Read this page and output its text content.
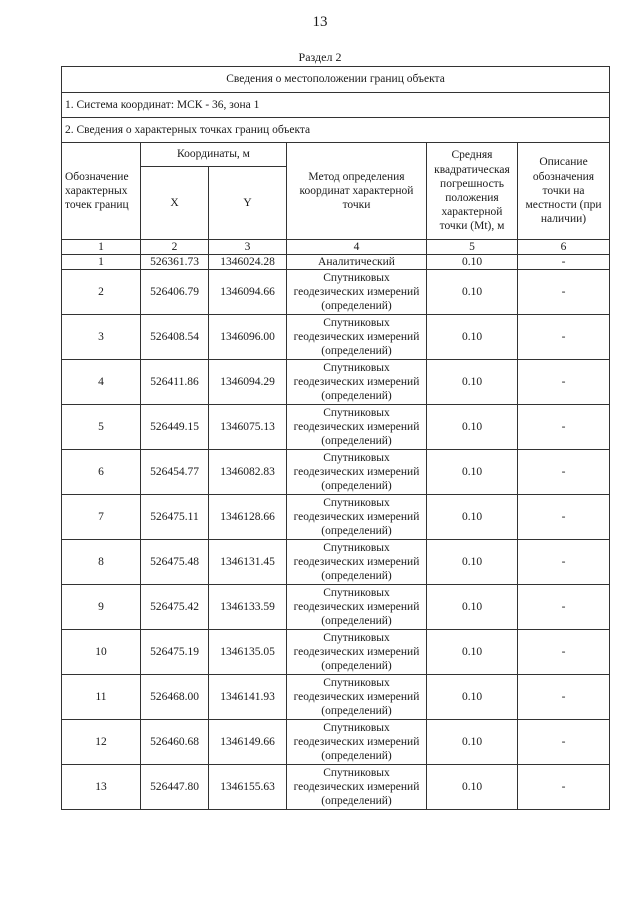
13
Раздел 2
Сведения о местоположении границ объекта					
1. Система координат: МСК - 36, зона 1					
2. Сведения о характерных точках границ объекта					
Обозначение характерных точек границ	Координаты, м		Метод определения координат характерной точки	Средняя квадратическая погрешность положения характерной точки (Mt), м	Описание обозначения точки на местности (при наличии)
	X	Y			
1	2	3	4	5	6
1	526361.73	1346024.28	Аналитический	0.10	-
2	526406.79	1346094.66	Спутниковых геодезических измерений (определений)	0.10	-
3	526408.54	1346096.00	Спутниковых геодезических измерений (определений)	0.10	-
4	526411.86	1346094.29	Спутниковых геодезических измерений (определений)	0.10	-
5	526449.15	1346075.13	Спутниковых геодезических измерений (определений)	0.10	-
6	526454.77	1346082.83	Спутниковых геодезических измерений (определений)	0.10	-
7	526475.11	1346128.66	Спутниковых геодезических измерений (определений)	0.10	-
8	526475.48	1346131.45	Спутниковых геодезических измерений (определений)	0.10	-
9	526475.42	1346133.59	Спутниковых геодезических измерений (определений)	0.10	-
10	526475.19	1346135.05	Спутниковых геодезических измерений (определений)	0.10	-
11	526468.00	1346141.93	Спутниковых геодезических измерений (определений)	0.10	-
12	526460.68	1346149.66	Спутниковых геодезических измерений (определений)	0.10	-
13	526447.80	1346155.63	Спутниковых геодезических измерений (определений)	0.10	-
